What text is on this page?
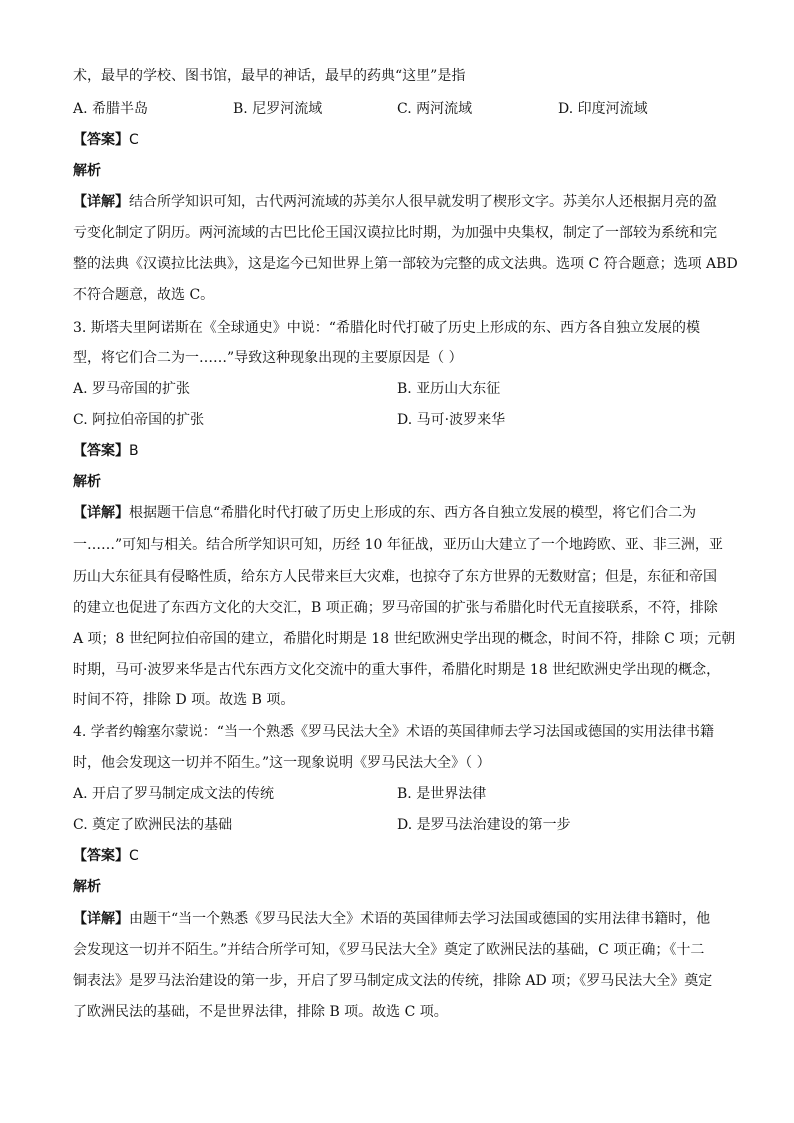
术，最早的学校、图书馆，最早的神话，最早的药典“这里”是指
A. 希腊半岛	B. 尼罗河流域	C. 两河流域	D. 印度河流域
【答案】C
解析
【详解】结合所学知识可知，古代两河流域的苏美尔人很早就发明了楔形文字。苏美尔人还根据月亮的盈
亏变化制定了阴历。两河流域的古巴比伦王国汉谟拉比时期，为加强中央集权，制定了一部较为系统和完
整的法典《汉谟拉比法典》，这是迄今已知世界上第一部较为完整的成文法典。选项 C 符合题意；选项 ABD
不符合题意，故选 C。
3. 斯塔夫里阿诺斯在《全球通史》中说：“希腊化时代打破了历史上形成的东、西方各自独立发展的模
型，将它们合二为一……”导致这种现象出现的主要原因是（ ）
A. 罗马帝国的扩张	B. 亚历山大东征
C. 阿拉伯帝国的扩张	D. 马可·波罗来华
【答案】B
解析
【详解】根据题干信息“希腊化时代打破了历史上形成的东、西方各自独立发展的模型，将它们合二为
一……”可知与相关。结合所学知识可知，历经 10 年征战，亚历山大建立了一个地跨欧、亚、非三洲，亚
历山大东征具有侵略性质，给东方人民带来巨大灾难，也掠夺了东方世界的无数财富；但是，东征和帝国
的建立也促进了东西方文化的大交汇，B 项正确；罗马帝国的扩张与希腊化时代无直接联系，不符，排除
A 项；8 世纪阿拉伯帝国的建立，希腊化时期是 18 世纪欧洲史学出现的概念，时间不符，排除 C 项；元朝
时期，马可·波罗来华是古代东西方文化交流中的重大事件，希腊化时期是 18 世纪欧洲史学出现的概念，
时间不符，排除 D 项。故选 B 项。
4. 学者约翰塞尔蒙说：“当一个熟悉《罗马民法大全》术语的英国律师去学习法国或德国的实用法律书籍
时，他会发现这一切并不陌生。”这一现象说明《罗马民法大全》（ ）
A. 开启了罗马制定成文法的传统	B. 是世界法律
C. 奠定了欧洲民法的基础	D. 是罗马法治建设的第一步
【答案】C
解析
【详解】由题干“当一个熟悉《罗马民法大全》术语的英国律师去学习法国或德国的实用法律书籍时，他
会发现这一切并不陌生。”并结合所学可知，《罗马民法大全》奠定了欧洲民法的基础，C 项正确；《十二
铜表法》是罗马法治建设的第一步，开启了罗马制定成文法的传统，排除 AD 项；《罗马民法大全》奠定
了欧洲民法的基础，不是世界法律，排除 B 项。故选 C 项。
